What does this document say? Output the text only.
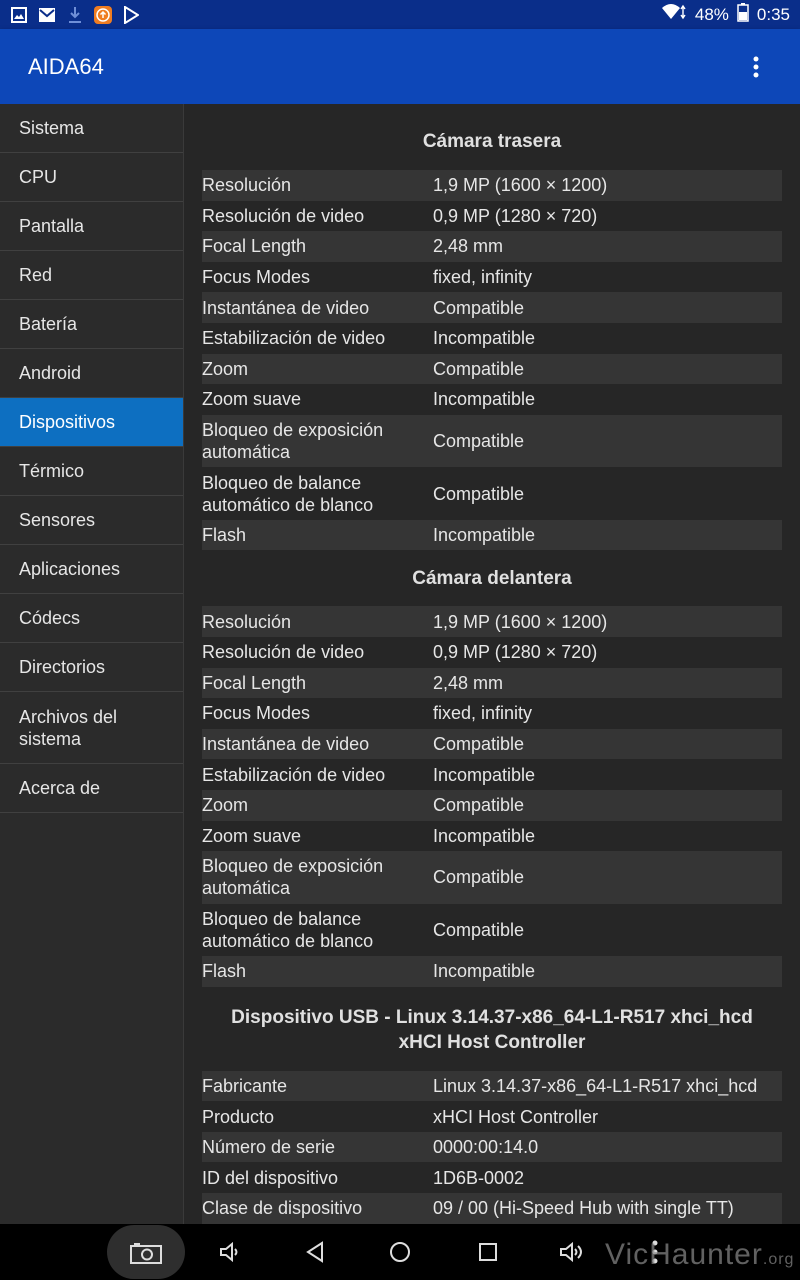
48% 0:35
AIDA64
Sistema
CPU
Pantalla
Red
Batería
Android
Dispositivos
Térmico
Sensores
Aplicaciones
Códecs
Directorios
Archivos del sistema
Acerca de
Cámara trasera
Resolución	1,9 MP (1600 × 1200)
Resolución de video	0,9 MP (1280 × 720)
Focal Length	2,48 mm
Focus Modes	fixed, infinity
Instantánea de video	Compatible
Estabilización de video	Incompatible
Zoom	Compatible
Zoom suave	Incompatible
Bloqueo de exposición automática	Compatible
Bloqueo de balance automático de blanco	Compatible
Flash	Incompatible
Cámara delantera
Resolución	1,9 MP (1600 × 1200)
Resolución de video	0,9 MP (1280 × 720)
Focal Length	2,48 mm
Focus Modes	fixed, infinity
Instantánea de video	Compatible
Estabilización de video	Incompatible
Zoom	Compatible
Zoom suave	Incompatible
Bloqueo de exposición automática	Compatible
Bloqueo de balance automático de blanco	Compatible
Flash	Incompatible
Dispositivo USB - Linux 3.14.37-x86_64-L1-R517 xhci_hcd xHCI Host Controller
Fabricante	Linux 3.14.37-x86_64-L1-R517 xhci_hcd
Producto	xHCI Host Controller
Número de serie	0000:00:14.0
ID del dispositivo	1D6B-0002
Clase de dispositivo	09 / 00 (Hi-Speed Hub with single TT)
VicHaunter.org
